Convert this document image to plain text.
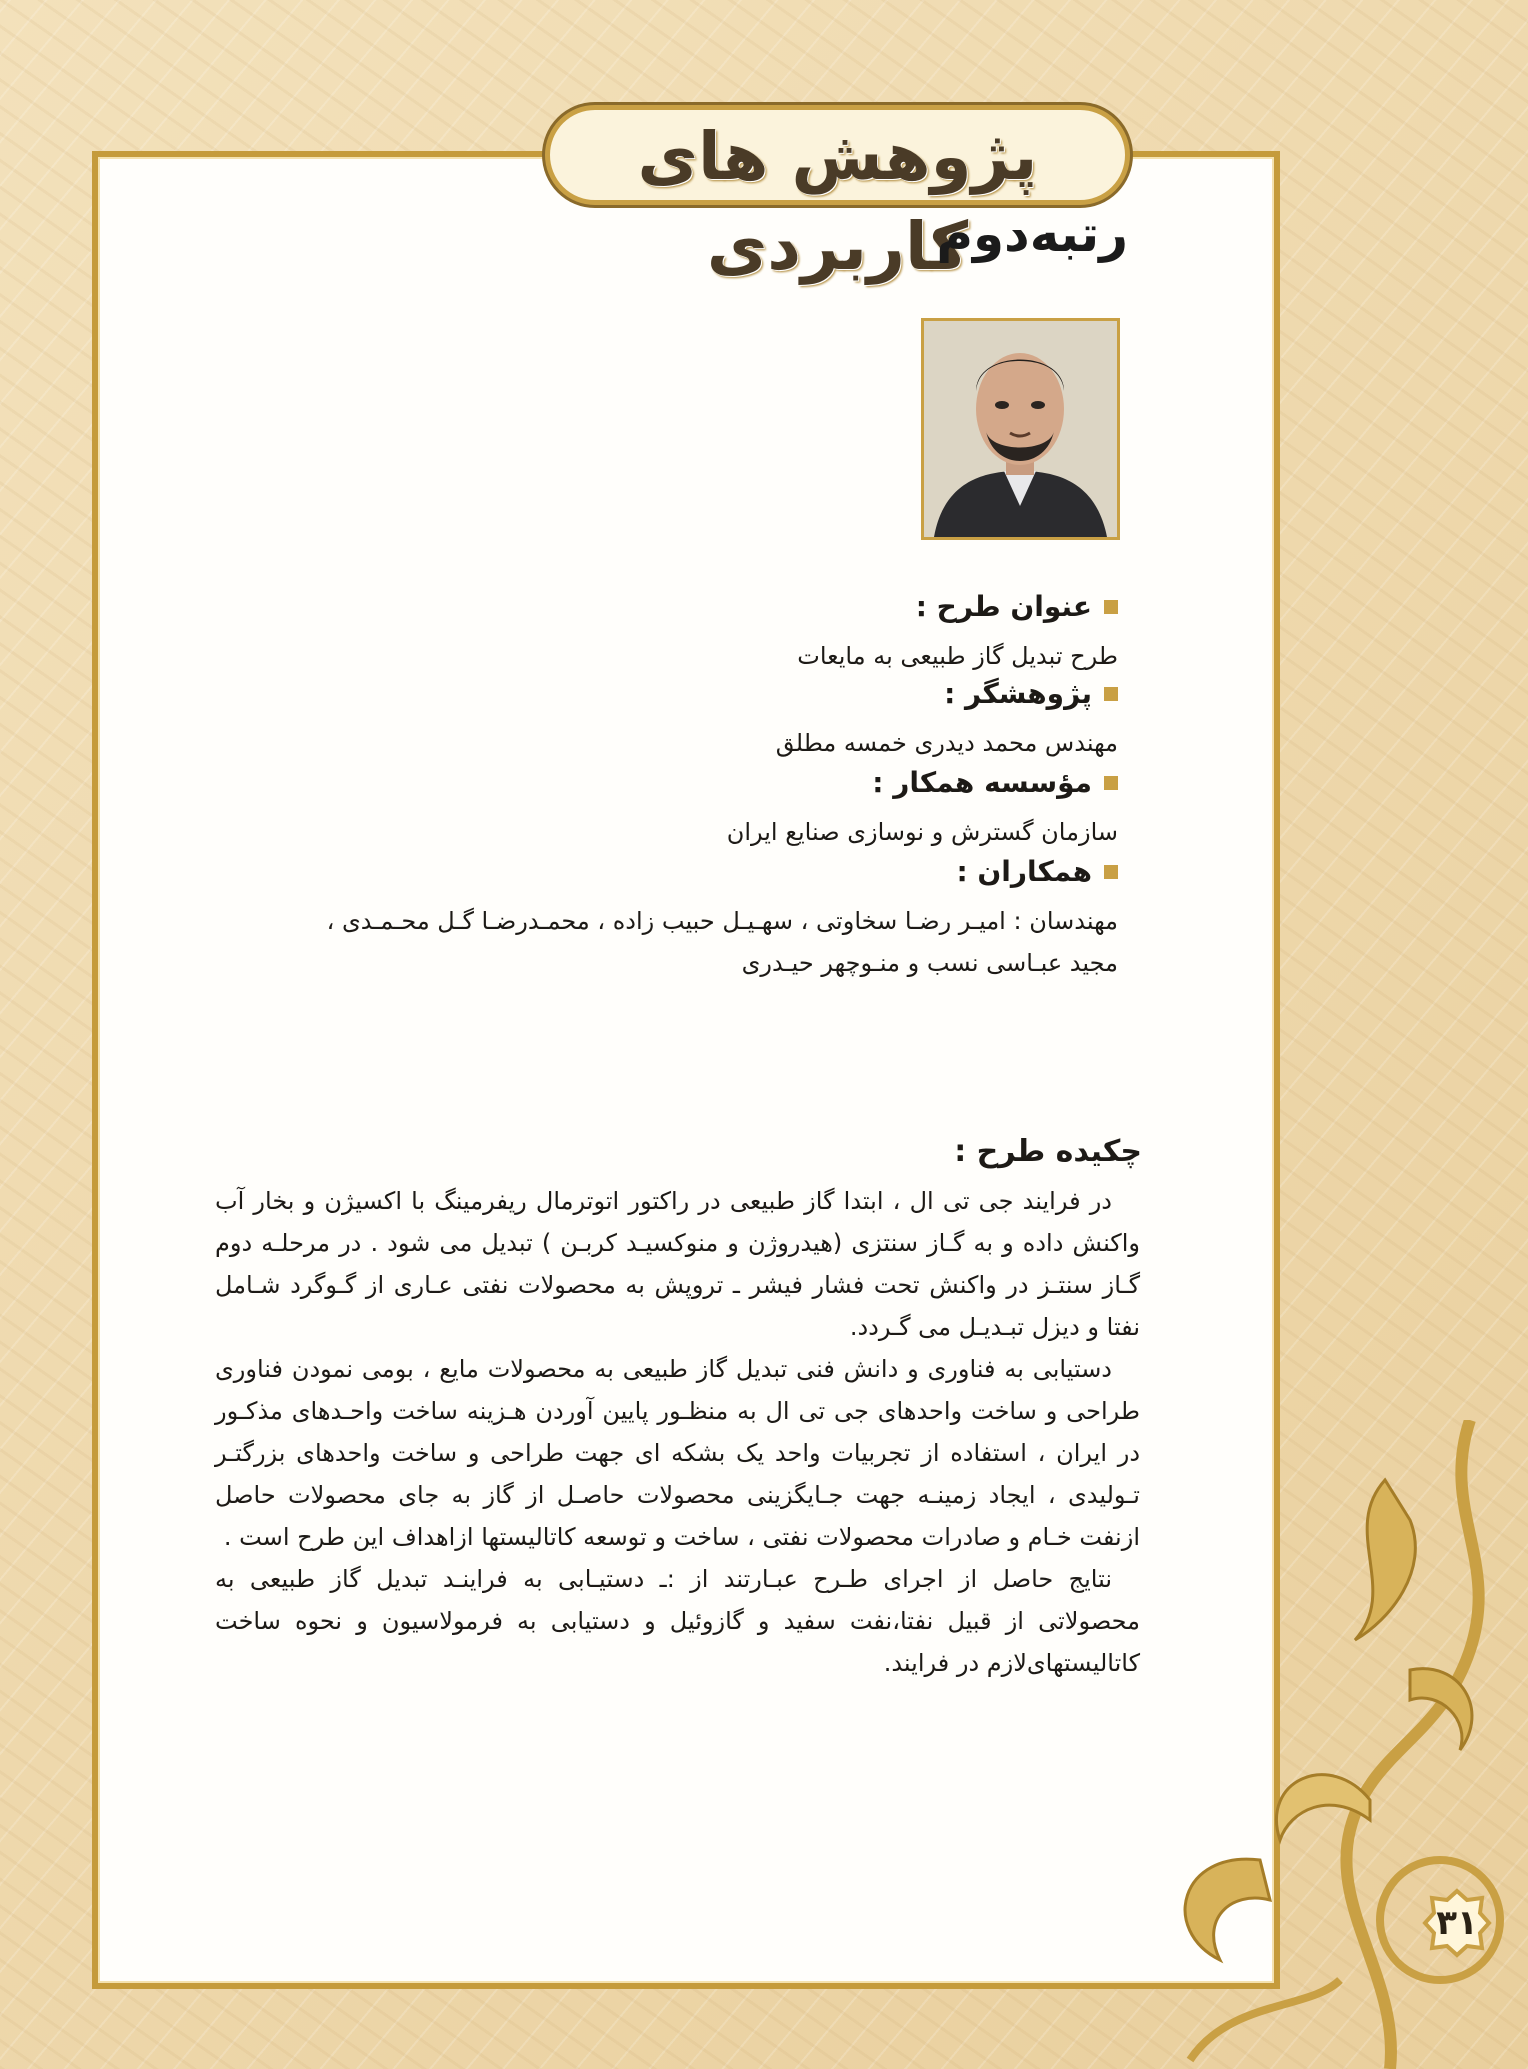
پژوهش های کاربردی
رتبه‌دوم
عنوان طرح :
طرح تبدیل گاز طبیعی به مایعات
پژوهشگر :
مهندس محمد دیدری خمسه مطلق
مؤسسه همکار :
سازمان گسترش و نوسازی صنایع ایران
همکاران :
مهندسان : امیـر رضـا سخاوتی ، سهـیـل حبیب زاده ، محمـدرضـا گـل محـمـدی ،
مجید عبـاسی نسب و منـوچهر حیـدری
چکیده طرح :

در فرایند جی تی ال ، ابتدا گاز طبیعی در راکتور اتوترمال ریفرمینگ با اکسیژن و بخار آب واکنش داده و به گـاز سنتزی (هیدروژن و منوکسیـد کربـن ) تبدیل می شود . در مرحلـه دوم گـاز سنتـز در واکنش تحت فشار فیشر ـ تروپش به محصولات نفتی عـاری از گـوگرد شـامل نفتا و دیزل تبـدیـل می گـردد.

دستیابی به فناوری و دانش فنی تبدیل گاز طبیعی به محصولات مایع ، بومی نمودن فناوری طراحی و ساخت واحدهای جی تی ال به منظـور پایین آوردن هـزینه ساخت واحـدهای مذکـور در ایران ، استفاده از تجربیات واحد یک بشکه ای جهت طراحی و ساخت واحدهای بزرگتـر تـولیدی ، ایجاد زمینـه جهت جـایگزینی محصولات حاصـل از گاز به جای محصولات حاصل ازنفت خـام و صادرات محصولات نفتی ، ساخت و توسعه کاتالیستها ازاهداف این طرح است .

نتایج حاصل از اجرای طـرح عبـارتند از :ـ دستیـابی به فراینـد تبدیل گاز طبیعی به محصولاتی از قبیل نفتا،نفت سفید و گازوئیل و دستیابی به فرمولاسیون و نحوه ساخت کاتالیستهای‌لازم در فرایند.

۳۱
